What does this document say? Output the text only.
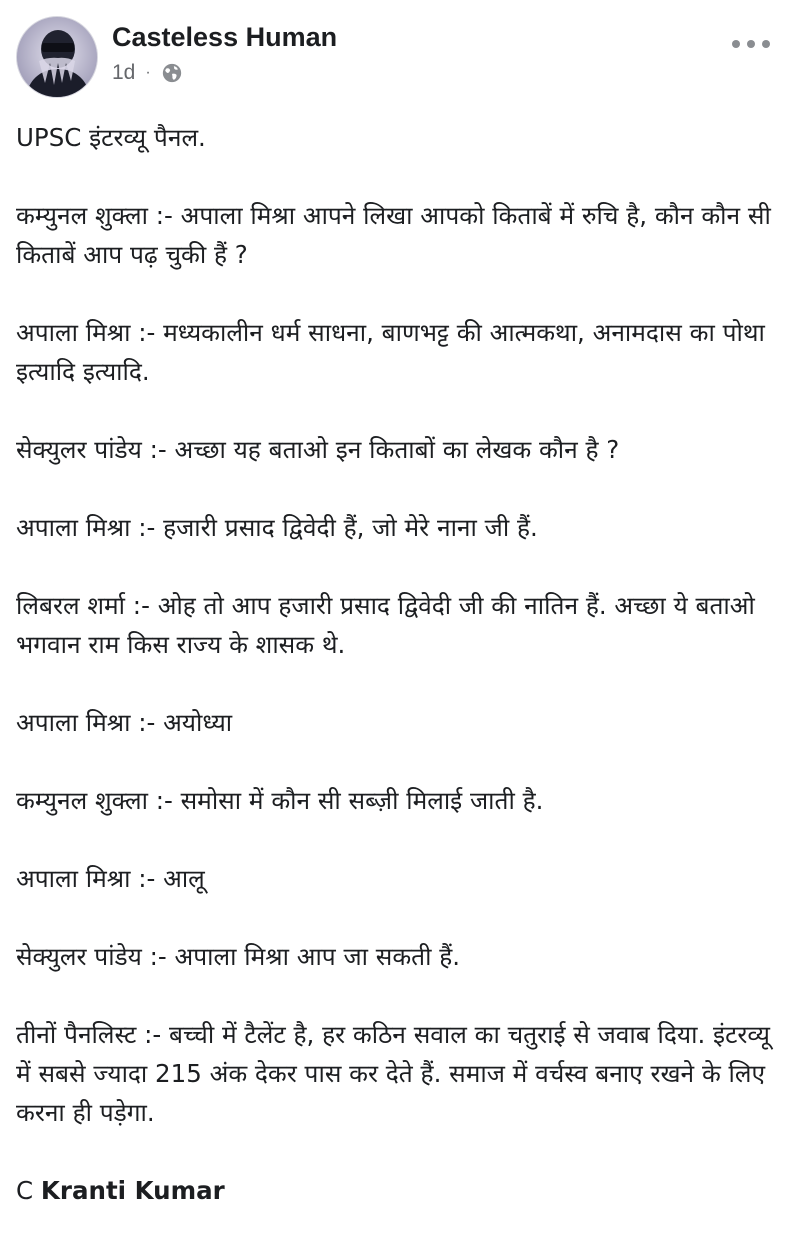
Casteless Human
1d ·

UPSC इंटरव्यू पैनल.

कम्युनल शुक्ला :- अपाला मिश्रा आपने लिखा आपको किताबें में रुचि है, कौन कौन सी किताबें आप पढ़ चुकी हैं ?

अपाला मिश्रा :- मध्यकालीन धर्म साधना, बाणभट्ट की आत्मकथा, अनामदास का पोथा इत्यादि इत्यादि.

सेक्युलर पांडेय :- अच्छा यह बताओ इन किताबों का लेखक कौन है ?

अपाला मिश्रा :- हजारी प्रसाद द्विवेदी हैं, जो मेरे नाना जी हैं.

लिबरल शर्मा :- ओह तो आप हजारी प्रसाद द्विवेदी जी की नातिन हैं. अच्छा ये बताओ भगवान राम किस राज्य के शासक थे.

अपाला मिश्रा :- अयोध्या

कम्युनल शुक्ला :- समोसा में कौन सी सब्ज़ी मिलाई जाती है.

अपाला मिश्रा :- आलू

सेक्युलर पांडेय :- अपाला मिश्रा आप जा सकती हैं.

तीनों पैनलिस्ट :- बच्ची में टैलेंट है, हर कठिन सवाल का चतुराई से जवाब दिया. इंटरव्यू में सबसे ज्यादा 215 अंक देकर पास कर देते हैं. समाज में वर्चस्व बनाए रखने के लिए करना ही पड़ेगा.

C Kranti Kumar
